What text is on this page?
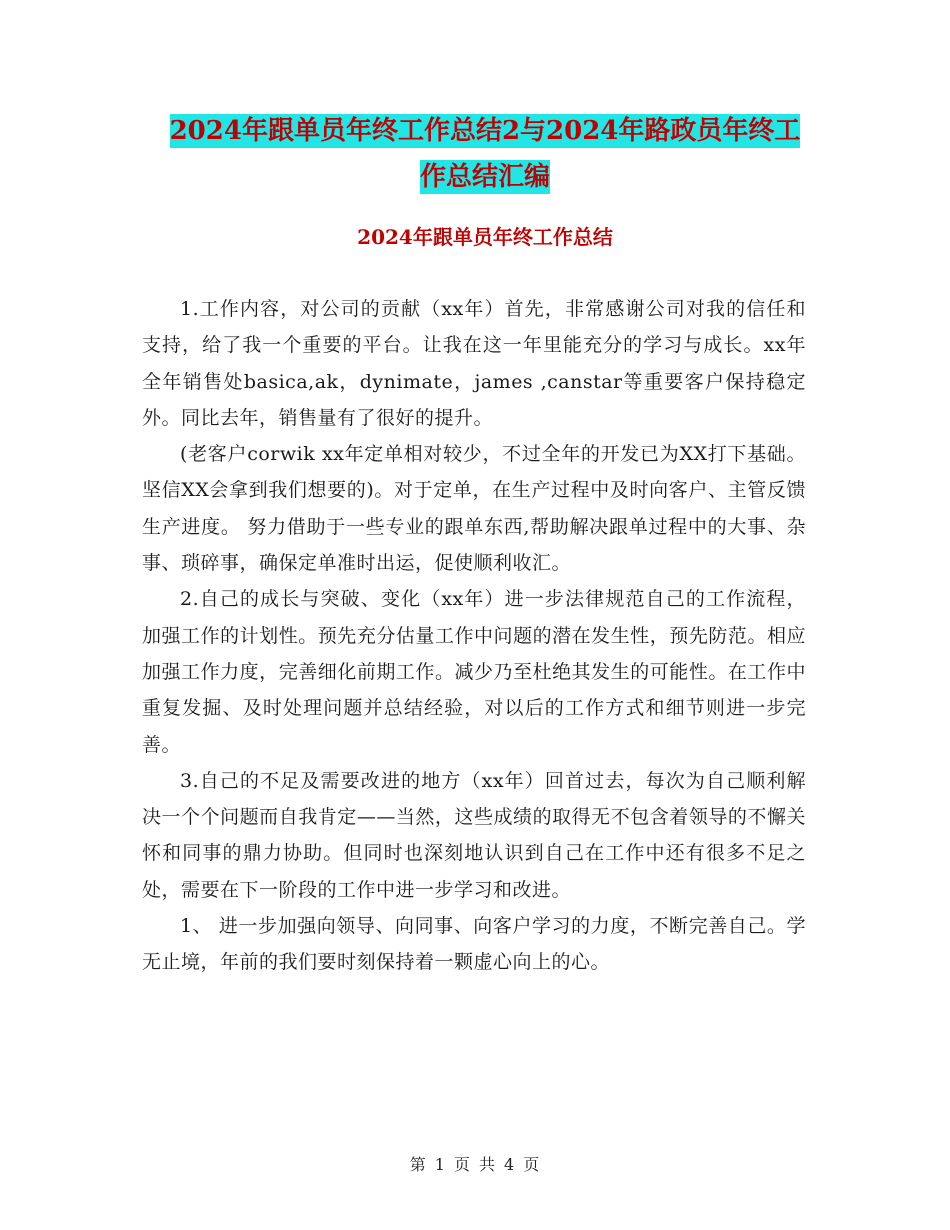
2024年跟单员年终工作总结2与2024年路政员年终工
作总结汇编
2024年跟单员年终工作总结

1.工作内容，对公司的贡献（xx年）首先，非常感谢公司对我的信任和支持，给了我一个重要的平台。让我在这一年里能充分的学习与成长。xx年全年销售处basica,ak，dynimate，james ,canstar等重要客户保持稳定外。同比去年，销售量有了很好的提升。

(老客户corwik xx年定单相对较少，不过全年的开发已为XX打下基础。坚信XX会拿到我们想要的)。对于定单，在生产过程中及时向客户、主管反馈生产进度。 努力借助于一些专业的跟单东西,帮助解决跟单过程中的大事、杂事、琐碎事，确保定单准时出运，促使顺利收汇。

2.自己的成长与突破、变化（xx年）进一步法律规范自己的工作流程，加强工作的计划性。预先充分估量工作中问题的潜在发生性，预先防范。相应加强工作力度，完善细化前期工作。减少乃至杜绝其发生的可能性。在工作中重复发掘、及时处理问题并总结经验，对以后的工作方式和细节则进一步完善。

3.自己的不足及需要改进的地方（xx年）回首过去，每次为自己顺利解决一个个问题而自我肯定——当然，这些成绩的取得无不包含着领导的不懈关怀和同事的鼎力协助。但同时也深刻地认识到自己在工作中还有很多不足之处，需要在下一阶段的工作中进一步学习和改进。

1、 进一步加强向领导、向同事、向客户学习的力度，不断完善自己。学无止境，年前的我们要时刻保持着一颗虚心向上的心。

第 1 页 共 4 页
